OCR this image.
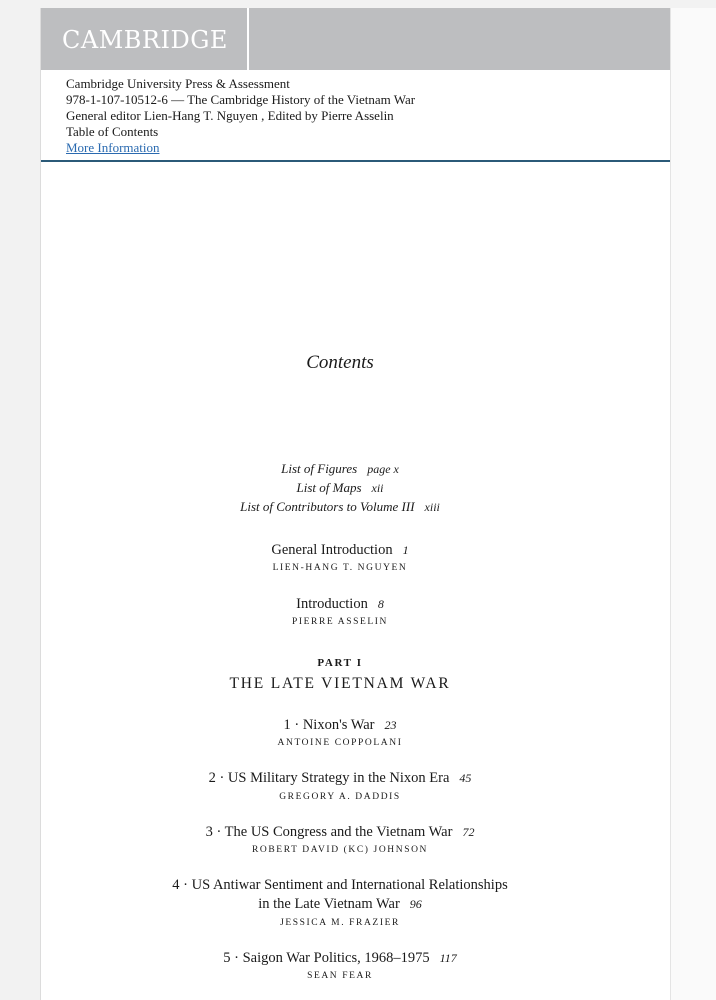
CAMBRIDGE
Cambridge University Press & Assessment
978-1-107-10512-6 — The Cambridge History of the Vietnam War
General editor Lien-Hang T. Nguyen , Edited by Pierre Asselin
Table of Contents
More Information
Contents
List of Figures page x
List of Maps xii
List of Contributors to Volume III xiii
General Introduction 1
LIEN-HANG T. NGUYEN
Introduction 8
PIERRE ASSELIN
PART I
THE LATE VIETNAM WAR
1 · Nixon's War 23
ANTOINE COPPOLANI
2 · US Military Strategy in the Nixon Era 45
GREGORY A. DADDIS
3 · The US Congress and the Vietnam War 72
ROBERT DAVID (KC) JOHNSON
4 · US Antiwar Sentiment and International Relationships
in the Late Vietnam War 96
JESSICA M. FRAZIER
5 · Saigon War Politics, 1968–1975 117
SEAN FEAR
